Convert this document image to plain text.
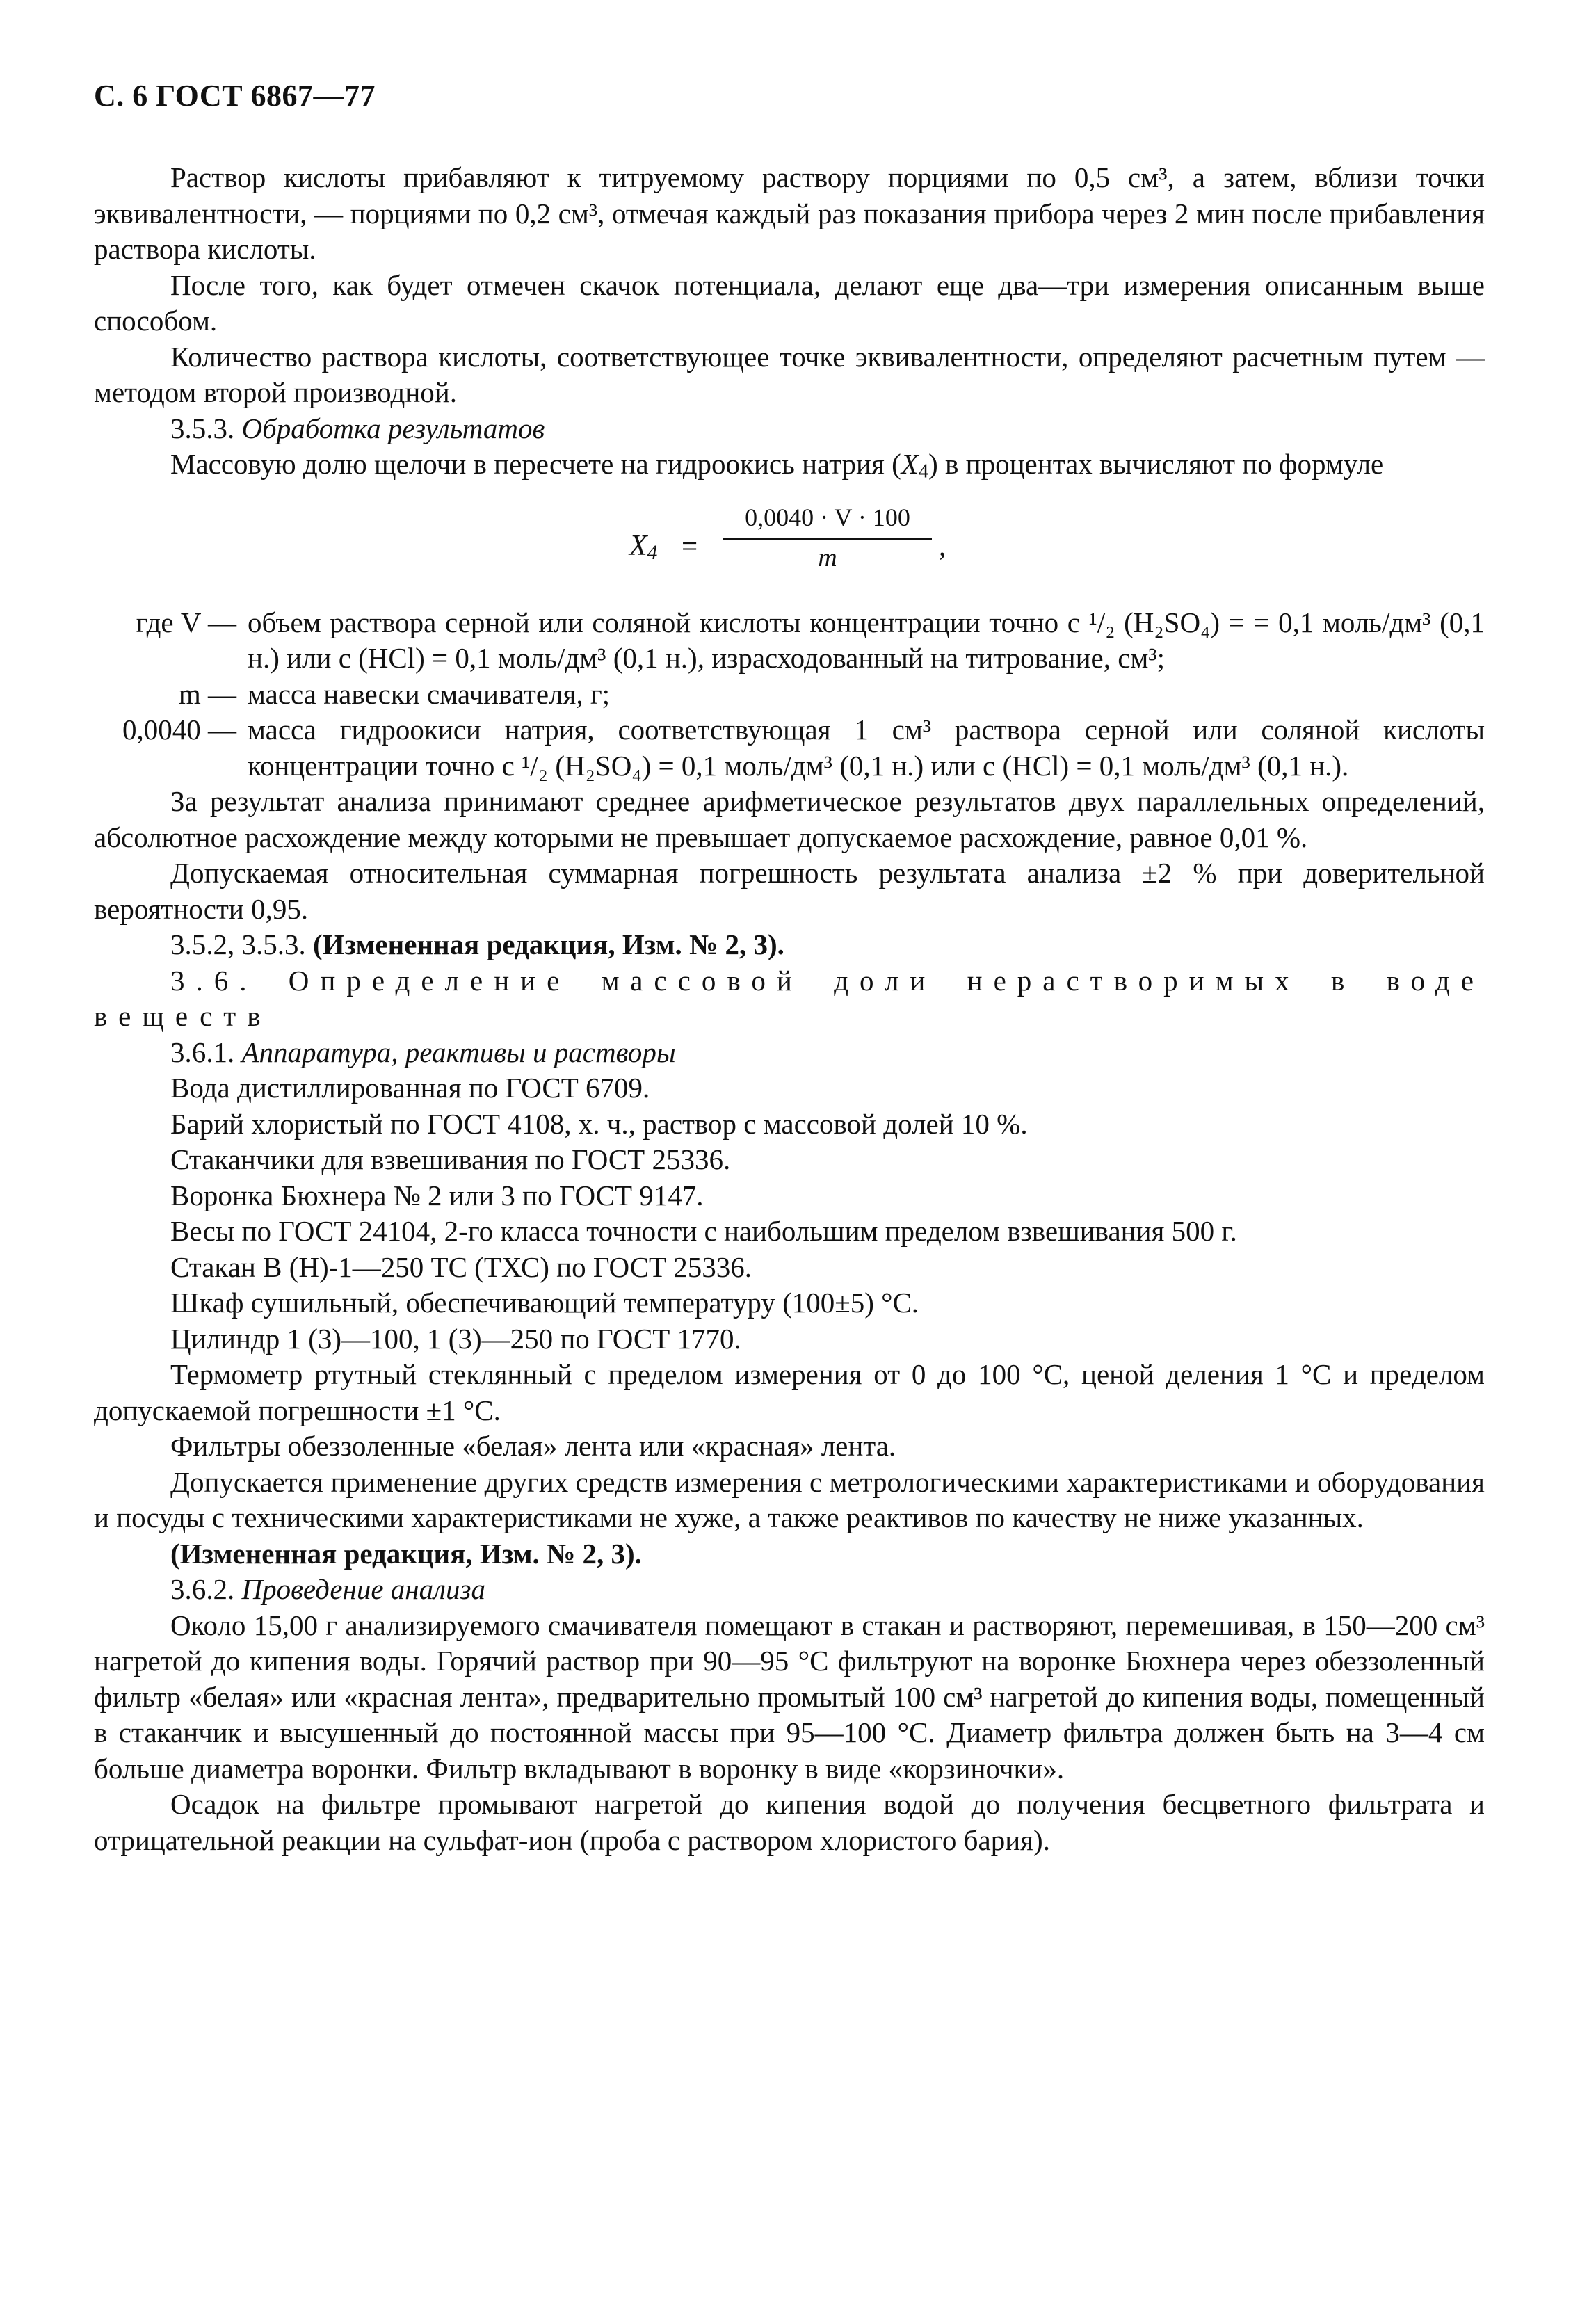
С. 6 ГОСТ 6867—77

Раствор кислоты прибавляют к титруемому раствору порциями по 0,5 см³, а затем, вблизи точки эквивалентности, — порциями по 0,2 см³, отмечая каждый раз показания прибора через 2 мин после прибавления раствора кислоты.

После того, как будет отмечен скачок потенциала, делают еще два—три измерения описанным выше способом.

Количество раствора кислоты, соответствующее точке эквивалентности, определяют расчетным путем — методом второй производной.

3.5.3. Обработка результатов

Массовую долю щелочи в пересчете на гидроокись натрия $(X_4)$ в процентах вычисляют по формуле

$X_4$ =
0,0040 · V · 100
m	,
где V — объем раствора серной или соляной кислоты концентрации точно c ¹/₂ (H₂SO₄) = = 0,1 моль/дм³ (0,1 н.) или c (HCl) = 0,1 моль/дм³ (0,1 н.), израсходованный на титрование, см³;
m — масса навески смачивателя, г;
0,0040 — масса гидроокиси натрия, соответствующая 1 см³ раствора серной или соляной кислоты концентрации точно c ¹/₂ (H₂SO₄) = 0,1 моль/дм³ (0,1 н.) или c (HCl) = 0,1 моль/дм³ (0,1 н.).

За результат анализа принимают среднее арифметическое результатов двух параллельных определений, абсолютное расхождение между которыми не превышает допускаемое расхождение, равное 0,01 %.

Допускаемая относительная суммарная погрешность результата анализа ±2 % при доверительной вероятности 0,95.

3.5.2, 3.5.3. (Измененная редакция, Изм. № 2, 3).

3.6. Определение массовой доли нерастворимых в воде веществ

3.6.1. Аппаратура, реактивы и растворы

Вода дистиллированная по ГОСТ 6709.

Барий хлористый по ГОСТ 4108, х. ч., раствор с массовой долей 10 %.

Стаканчики для взвешивания по ГОСТ 25336.

Воронка Бюхнера № 2 или 3 по ГОСТ 9147.

Весы по ГОСТ 24104, 2-го класса точности с наибольшим пределом взвешивания 500 г.

Стакан В (Н)-1—250 ТС (ТХС) по ГОСТ 25336.

Шкаф сушильный, обеспечивающий температуру (100±5) °С.

Цилиндр 1 (3)—100, 1 (3)—250 по ГОСТ 1770.

Термометр ртутный стеклянный с пределом измерения от 0 до 100 °С, ценой деления 1 °С и пределом допускаемой погрешности ±1 °С.

Фильтры обеззоленные «белая» лента или «красная» лента.

Допускается применение других средств измерения с метрологическими характеристиками и оборудования и посуды с техническими характеристиками не хуже, а также реактивов по качеству не ниже указанных.

(Измененная редакция, Изм. № 2, 3).

3.6.2. Проведение анализа

Около 15,00 г анализируемого смачивателя помещают в стакан и растворяют, перемешивая, в 150—200 см³ нагретой до кипения воды. Горячий раствор при 90—95 °С фильтруют на воронке Бюхнера через обеззоленный фильтр «белая» или «красная лента», предварительно промытый 100 см³ нагретой до кипения воды, помещенный в стаканчик и высушенный до постоянной массы при 95—100 °С. Диаметр фильтра должен быть на 3—4 см больше диаметра воронки. Фильтр вкладывают в воронку в виде «корзиночки».

Осадок на фильтре промывают нагретой до кипения водой до получения бесцветного фильтрата и отрицательной реакции на сульфат-ион (проба с раствором хлористого бария).
